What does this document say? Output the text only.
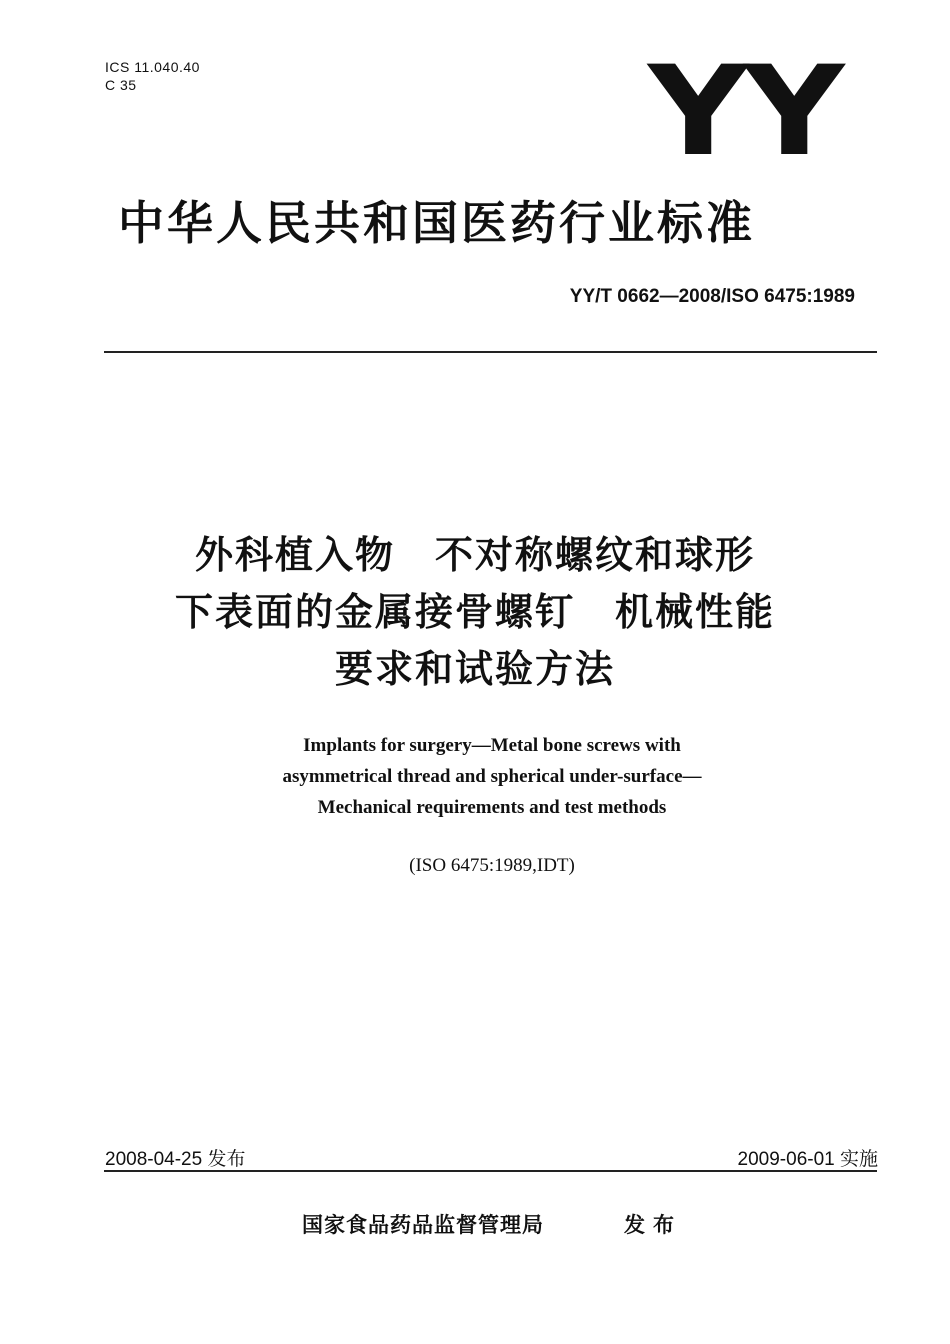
ICS 11.040.40
C 35	YY
中华人民共和国医药行业标准
YY/T 0662—2008/ISO 6475:1989
外科植入物　不对称螺纹和球形
下表面的金属接骨螺钉　机械性能
要求和试验方法
Implants for surgery—Metal bone screws with
asymmetrical thread and spherical under-surface—
Mechanical requirements and test methods
(ISO 6475:1989,IDT)
2008-04-25 发布	2009-06-01 实施
国家食品药品监督管理局	发布
